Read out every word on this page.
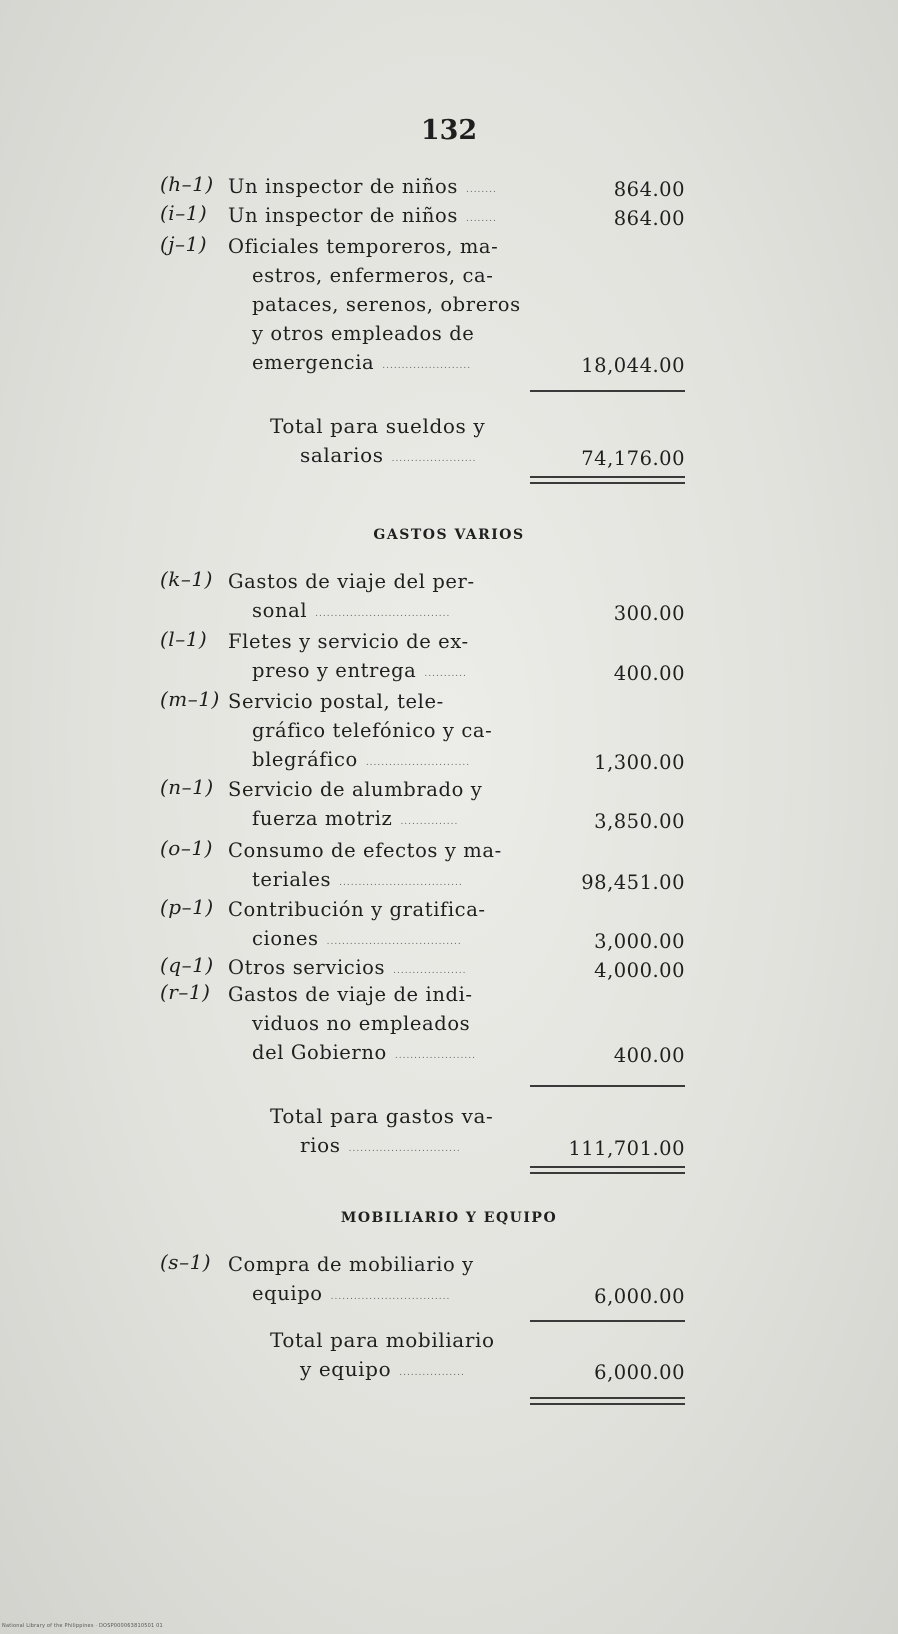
132
(h–1) Un inspector de niños ........	864.00
(i–1) Un inspector de niños ........	864.00
(j–1) Oficiales temporeros, ma-
estros, enfermeros, ca-
pataces, serenos, obreros
y otros empleados de
emergencia .......................	18,044.00
Total para sueldos y
salarios ......................	74,176.00
GASTOS VARIOS
(k–1) Gastos de viaje del per-
sonal ...................................	300.00
(l–1) Fletes y servicio de ex-
preso y entrega ...........	400.00
(m–1) Servicio postal, tele-
gráfico telefónico y ca-
blegráfico ...........................	1,300.00
(n–1) Servicio de alumbrado y
fuerza motriz ...............	3,850.00
(o–1) Consumo de efectos y ma-
teriales ................................	98,451.00
(p–1) Contribución y gratifica-
ciones ...................................	3,000.00
(q–1) Otros servicios ...................	4,000.00
(r–1) Gastos de viaje de indi-
viduos no empleados
del Gobierno .....................	400.00
Total para gastos va-
rios .............................	111,701.00
MOBILIARIO Y EQUIPO
(s–1) Compra de mobiliario y
equipo ...............................	6,000.00
Total para mobiliario
y equipo .................	6,000.00
National Library of the Philippines · DOSP000063810501 01
